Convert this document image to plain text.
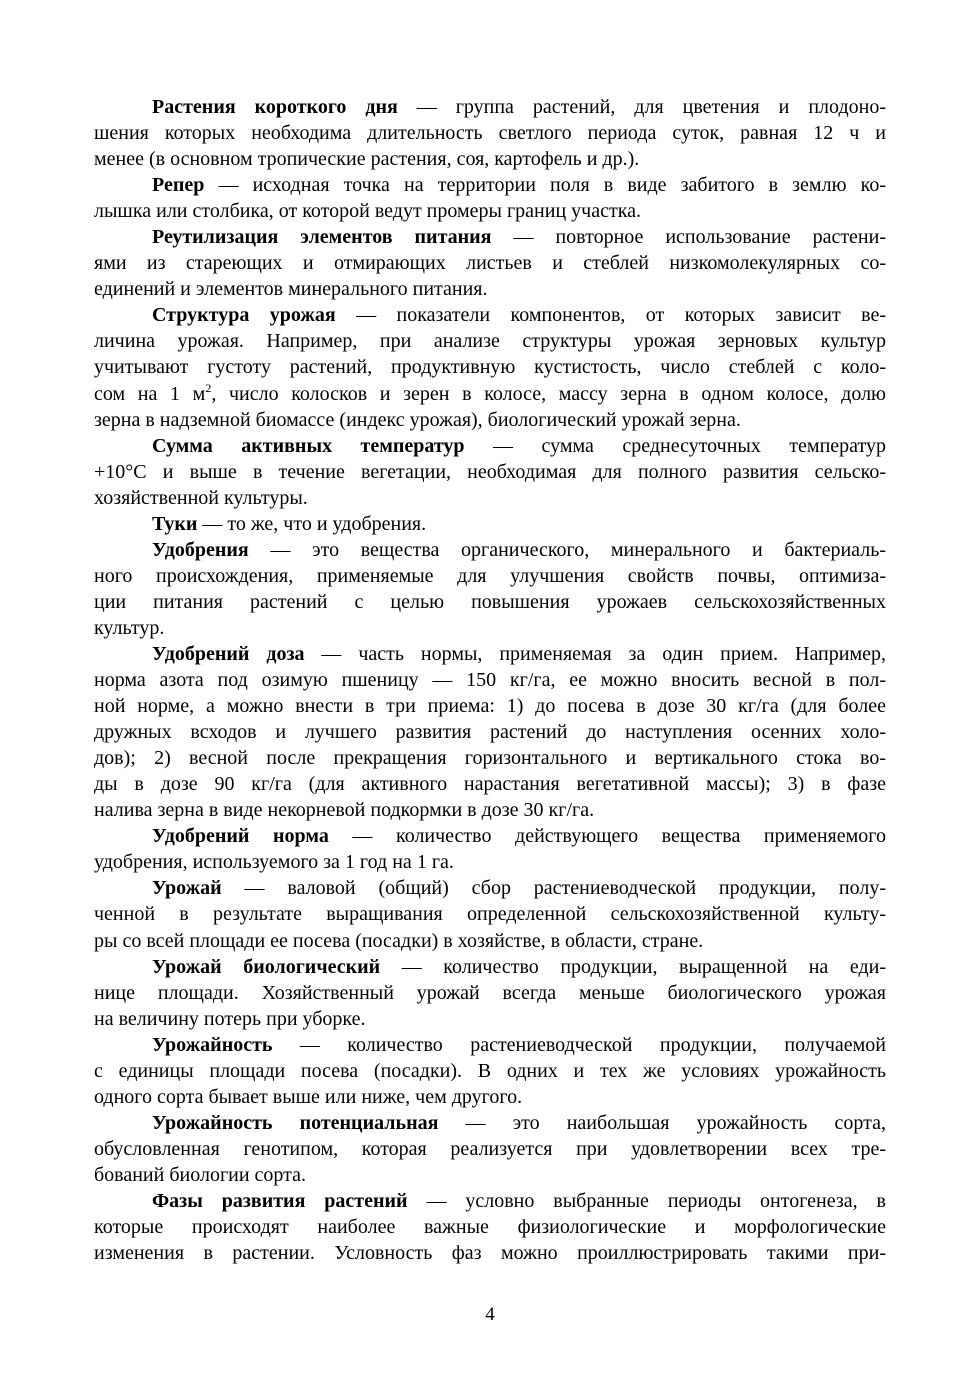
Растения короткого дня — группа растений, для цветения и плодоно-
шения которых необходима длительность светлого периода суток, равная 12 ч и
менее (в основном тропические растения, соя, картофель и др.).
Репер — исходная точка на территории поля в виде забитого в землю ко-
лышка или столбика, от которой ведут промеры границ участка.
Реутилизация элементов питания — повторное использование растени-
ями из стареющих и отмирающих листьев и стеблей низкомолекулярных со-
единений и элементов минерального питания.
Структура урожая — показатели компонентов, от которых зависит ве-
личина урожая. Например, при анализе структуры урожая зерновых культур
учитывают густоту растений, продуктивную кустистость, число стеблей с коло-
сом на 1 $м^2$, число колосков и зерен в колосе, массу зерна в одном колосе, долю
зерна в надземной биомассе (индекс урожая), биологический урожай зерна.
Сумма активных температур — сумма среднесуточных температур
+10°С и выше в течение вегетации, необходимая для полного развития сельско-
хозяйственной культуры.
Туки — то же, что и удобрения.
Удобрения — это вещества органического, минерального и бактериаль-
ного происхождения, применяемые для улучшения свойств почвы, оптимиза-
ции питания растений с целью повышения урожаев сельскохозяйственных
культур.
Удобрений доза — часть нормы, применяемая за один прием. Например,
норма азота под озимую пшеницу — 150 кг/га, ее можно вносить весной в пол-
ной норме, а можно внести в три приема: 1) до посева в дозе 30 кг/га (для более
дружных всходов и лучшего развития растений до наступления осенних холо-
дов); 2) весной после прекращения горизонтального и вертикального стока во-
ды в дозе 90 кг/га (для активного нарастания вегетативной массы); 3) в фазе
налива зерна в виде некорневой подкормки в дозе 30 кг/га.
Удобрений норма — количество действующего вещества применяемого
удобрения, используемого за 1 год на 1 га.
Урожай — валовой (общий) сбор растениеводческой продукции, полу-
ченной в результате выращивания определенной сельскохозяйственной культу-
ры со всей площади ее посева (посадки) в хозяйстве, в области, стране.
Урожай биологический — количество продукции, выращенной на еди-
нице площади. Хозяйственный урожай всегда меньше биологического урожая
на величину потерь при уборке.
Урожайность — количество растениеводческой продукции, получаемой
с единицы площади посева (посадки). В одних и тех же условиях урожайность
одного сорта бывает выше или ниже, чем другого.
Урожайность потенциальная — это наибольшая урожайность сорта,
обусловленная генотипом, которая реализуется при удовлетворении всех тре-
бований биологии сорта.
Фазы развития растений — условно выбранные периоды онтогенеза, в
которые происходят наиболее важные физиологические и морфологические
изменения в растении. Условность фаз можно проиллюстрировать такими при-
4
